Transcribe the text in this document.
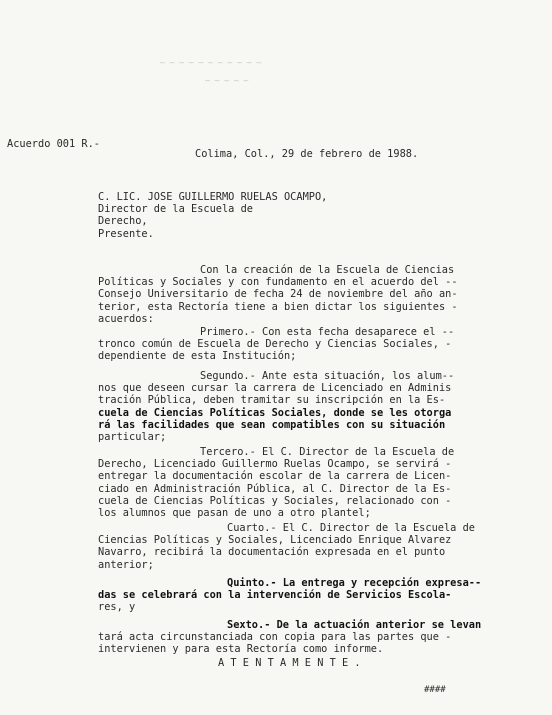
— — — — — — — — — — —
— — — — —
Acuerdo 001 R.-
Colima, Col., 29 de febrero de 1988.
C. LIC. JOSE GUILLERMO RUELAS OCAMPO,
Director de la Escuela de
Derecho,
Presente.
Con la creación de la Escuela de Ciencias
Políticas y Sociales y con fundamento en el acuerdo del --
Consejo Universitario de fecha 24 de noviembre del año an-
terior, esta Rectoría tiene a bien dictar los siguientes -
acuerdos:
Primero.- Con esta fecha desaparece el --
tronco común de Escuela de Derecho y Ciencias Sociales, -
dependiente de esta Institución;
Segundo.- Ante esta situación, los alum--
nos que deseen cursar la carrera de Licenciado en Adminis
tración Pública, deben tramitar su inscripción en la Es-
cuela de Ciencias Políticas Sociales, donde se les otorga
rá las facilidades que sean compatibles con su situación
particular;
Tercero.- El C. Director de la Escuela de
Derecho, Licenciado Guillermo Ruelas Ocampo, se servirá -
entregar la documentación escolar de la carrera de Licen-
ciado en Administración Pública, al C. Director de la Es-
cuela de Ciencias Políticas y Sociales, relacionado con -
los alumnos que pasan de uno a otro plantel;
Cuarto.- El C. Director de la Escuela de
Ciencias Políticas y Sociales, Licenciado Enrique Alvarez
Navarro, recibirá la documentación expresada en el punto
anterior;
Quinto.- La entrega y recepción expresa--
das se celebrará con la intervención de Servicios Escola-
res, y
Sexto.- De la actuación anterior se levan
tará acta circunstanciada con copia para las partes que -
intervienen y para esta Rectoría como informe.
A T E N T A M E N T E .
####
